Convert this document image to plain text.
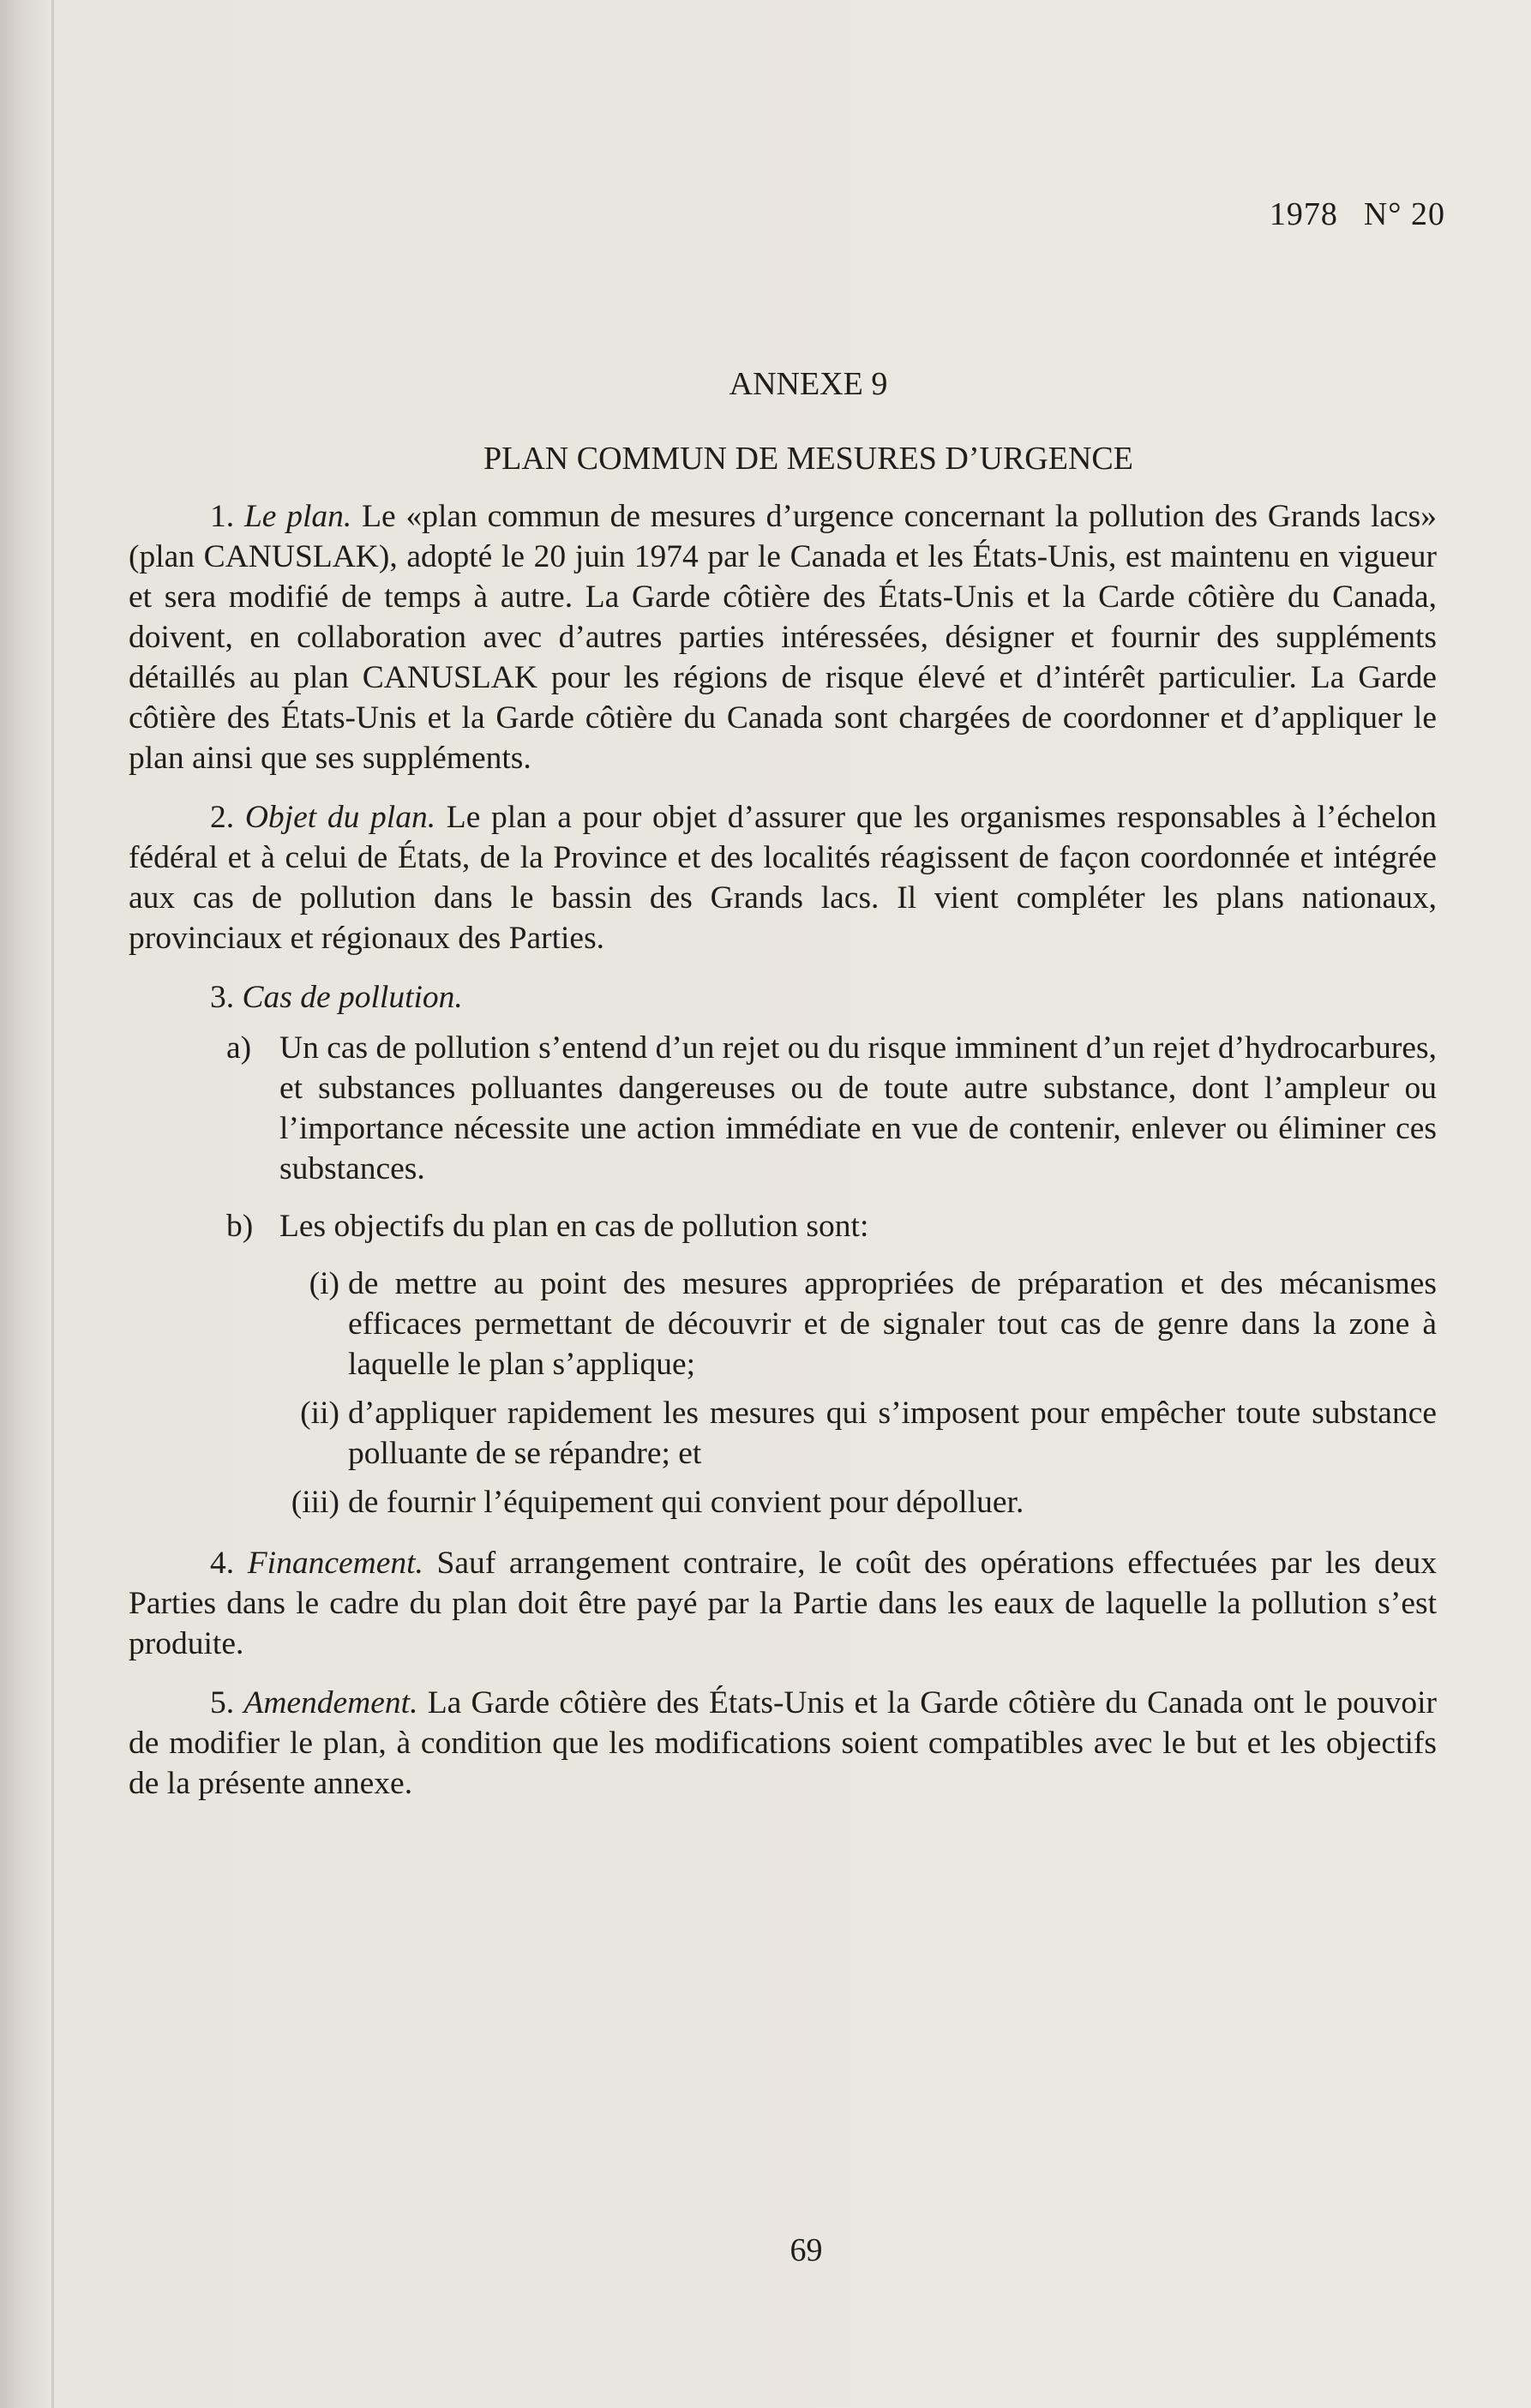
1978 N° 20
ANNEXE 9
PLAN COMMUN DE MESURES D’URGENCE

1. Le plan. Le «plan commun de mesures d’urgence concernant la pollution des Grands lacs» (plan CANUSLAK), adopté le 20 juin 1974 par le Canada et les États-Unis, est maintenu en vigueur et sera modifié de temps à autre. La Garde côtière des États-Unis et la Carde côtière du Canada, doivent, en collaboration avec d’autres parties intéressées, désigner et fournir des suppléments détaillés au plan CANUSLAK pour les régions de risque élevé et d’intérêt particulier. La Garde côtière des États-Unis et la Garde côtière du Canada sont chargées de coordonner et d’appliquer le plan ainsi que ses suppléments.

2. Objet du plan. Le plan a pour objet d’assurer que les organismes responsables à l’échelon fédéral et à celui de États, de la Province et des localités réagissent de façon coordonnée et intégrée aux cas de pollution dans le bassin des Grands lacs. Il vient compléter les plans nationaux, provinciaux et régionaux des Parties.

3. Cas de pollution.
a) Un cas de pollution s’entend d’un rejet ou du risque imminent d’un rejet d’hydrocarbures, et substances polluantes dangereuses ou de toute autre substance, dont l’ampleur ou l’importance nécessite une action immédiate en vue de contenir, enlever ou éliminer ces substances.
b) Les objectifs du plan en cas de pollution sont:
(i) de mettre au point des mesures appropriées de préparation et des mécanismes efficaces permettant de découvrir et de signaler tout cas de genre dans la zone à laquelle le plan s’applique;
(ii) d’appliquer rapidement les mesures qui s’imposent pour empêcher toute substance polluante de se répandre; et
(iii) de fournir l’équipement qui convient pour dépolluer.

4. Financement. Sauf arrangement contraire, le coût des opérations effectuées par les deux Parties dans le cadre du plan doit être payé par la Partie dans les eaux de laquelle la pollution s’est produite.

5. Amendement. La Garde côtière des États-Unis et la Garde côtière du Canada ont le pouvoir de modifier le plan, à condition que les modifications soient compatibles avec le but et les objectifs de la présente annexe.

69
